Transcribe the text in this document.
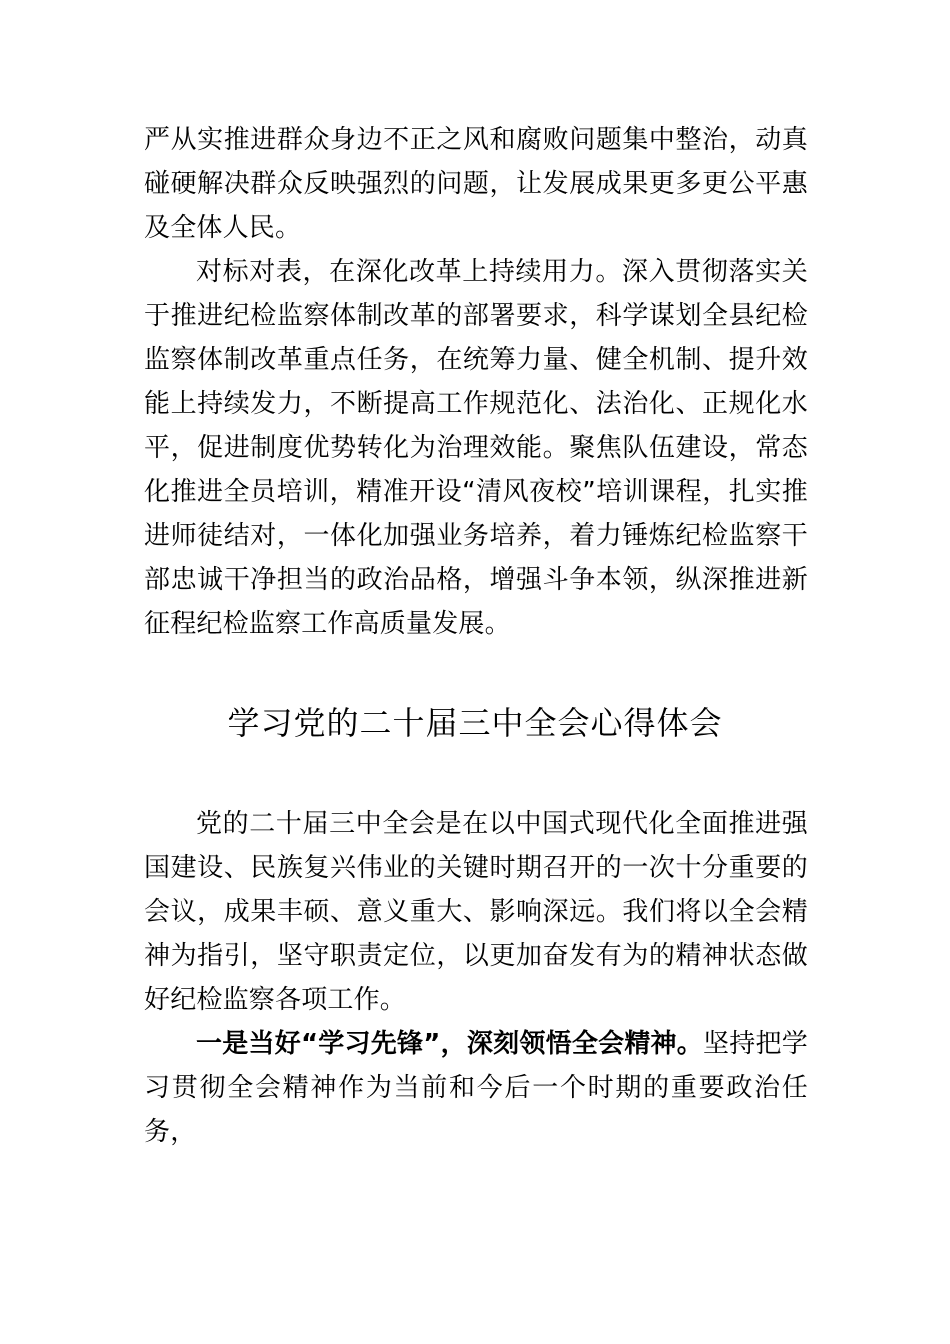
严从实推进群众身边不正之风和腐败问题集中整治，动真碰硬解决群众反映强烈的问题，让发展成果更多更公平惠及全体人民。

对标对表，在深化改革上持续用力。深入贯彻落实关于推进纪检监察体制改革的部署要求，科学谋划全县纪检监察体制改革重点任务，在统筹力量、健全机制、提升效能上持续发力，不断提高工作规范化、法治化、正规化水平，促进制度优势转化为治理效能。聚焦队伍建设，常态化推进全员培训，精准开设“清风夜校”培训课程，扎实推进师徒结对，一体化加强业务培养，着力锤炼纪检监察干部忠诚干净担当的政治品格，增强斗争本领，纵深推进新征程纪检监察工作高质量发展。

学习党的二十届三中全会心得体会

党的二十届三中全会是在以中国式现代化全面推进强国建设、民族复兴伟业的关键时期召开的一次十分重要的会议，成果丰硕、意义重大、影响深远。我们将以全会精神为指引，坚守职责定位，以更加奋发有为的精神状态做好纪检监察各项工作。

一是当好“学习先锋”，深刻领悟全会精神。坚持把学习贯彻全会精神作为当前和今后一个时期的重要政治任务，
